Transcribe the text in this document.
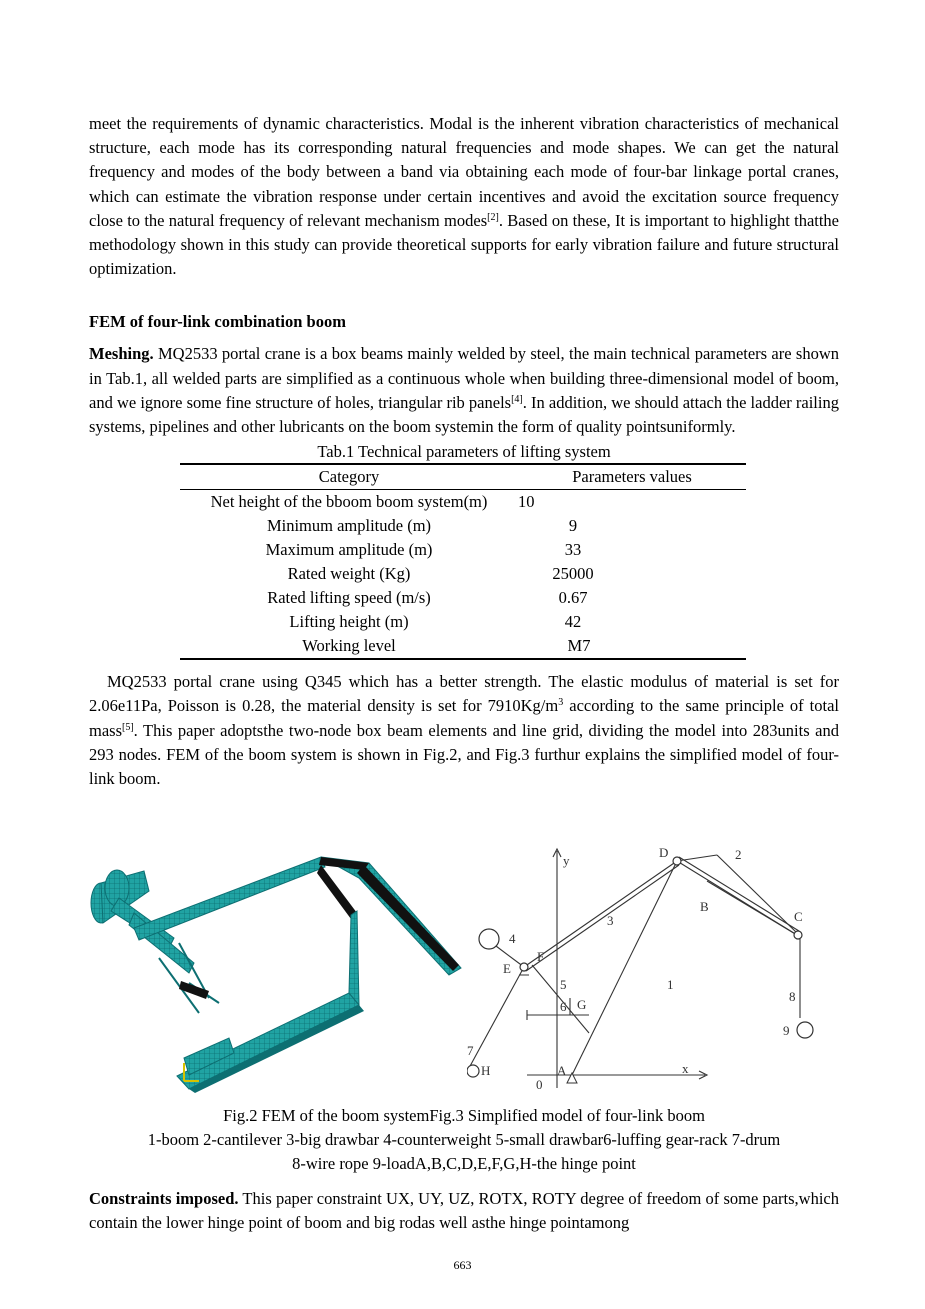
meet the requirements of dynamic characteristics. Modal is the inherent vibration characteristics of mechanical structure, each mode has its corresponding natural frequencies and mode shapes. We can get the natural frequency and modes of the body between a band via obtaining each mode of four-bar linkage portal cranes, which can estimate the vibration response under certain incentives and avoid the excitation source frequency close to the natural frequency of relevant mechanism modes[2]. Based on these, It is important to highlight thatthe methodology shown in this study can provide theoretical supports for early vibration failure and future structural optimization.

FEM of four-link combination boom

Meshing. MQ2533 portal crane is a box beams mainly welded by steel, the main technical parameters are shown in Tab.1, all welded parts are simplified as a continuous whole when building three-dimensional model of boom, and we ignore some fine structure of holes, triangular rib panels[4]. In addition, we should attach the ladder railing systems, pipelines and other lubricants on the boom systemin the form of quality pointsuniformly.

Tab.1 Technical parameters of lifting system
Category	Parameters values
Net height of the bboom boom system(m)	10
Minimum amplitude (m)	9
Maximum amplitude (m)	33
Rated weight (Kg)	25000
Rated lifting speed (m/s)	0.67
Lifting height (m)	42
Working level	M7

MQ2533 portal crane using Q345 which has a better strength. The elastic modulus of material is set for 2.06e11Pa, Poisson is 0.28, the material density is set for $7910Kg/m^3$ according to the same principle of total mass[5]. This paper adoptsthe two-node box beam elements and line grid, dividing the model into 283units and 293 nodes. FEM of the boom system is shown in Fig.2, and Fig.3 furthur explains the simplified model of four-link boom.

y
x
0
A
B
C
D
E
F
G
H
1
2
3
4
5
6
7
8
9
Fig.2 FEM of the boom systemFig.3 Simplified model of four-link boom
1-boom 2-cantilever 3-big drawbar 4-counterweight 5-small drawbar6-luffing gear-rack 7-drum
8-wire rope 9-loadA,B,C,D,E,F,G,H-the hinge point

Constraints imposed. This paper constraint UX, UY, UZ, ROTX, ROTY degree of freedom of some parts,which contain the lower hinge point of boom and big rodas well asthe hinge pointamong

663
